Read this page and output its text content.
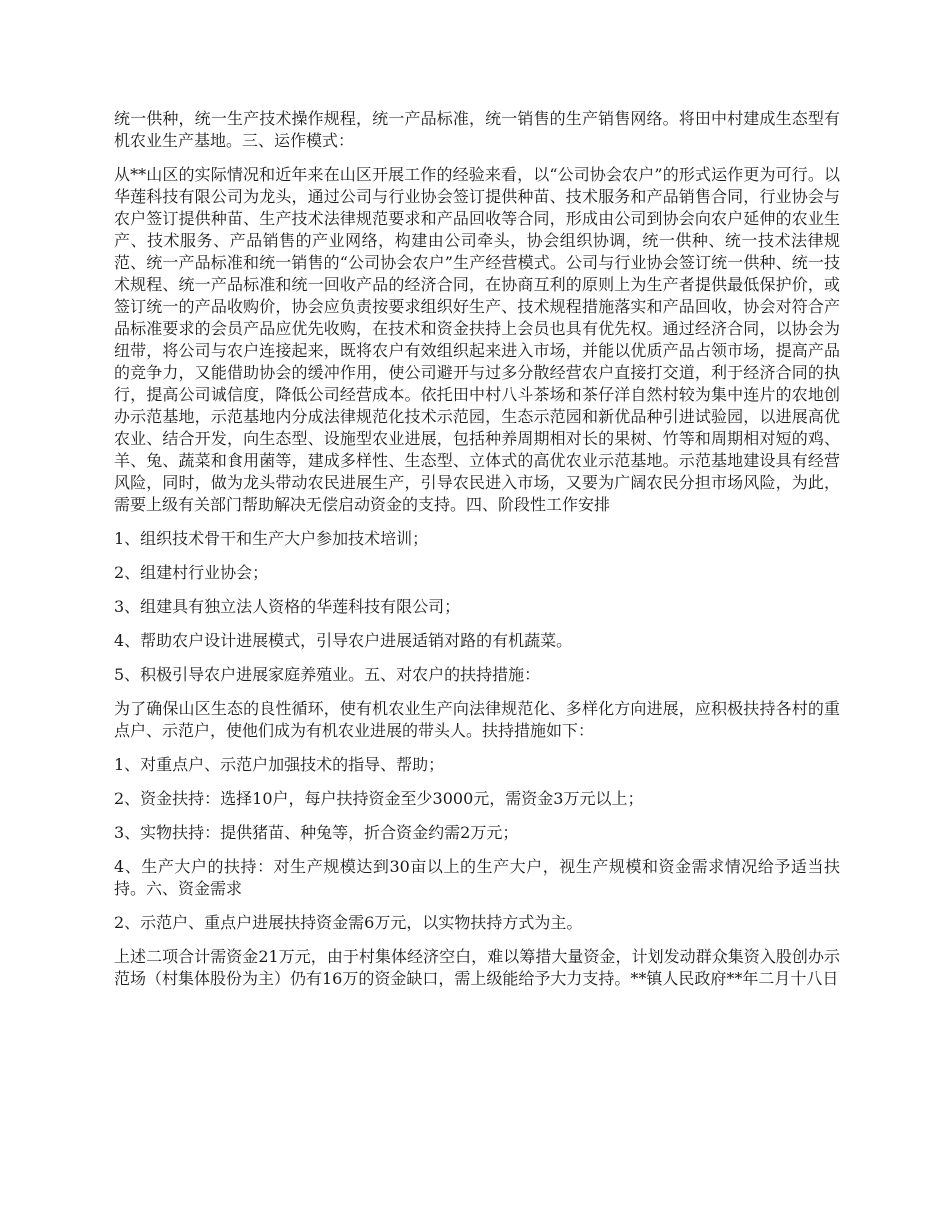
统一供种，统一生产技术操作规程，统一产品标准，统一销售的生产销售网络。将田中村建成生态型有机农业生产基地。三、运作模式：

从**山区的实际情况和近年来在山区开展工作的经验来看，以“公司协会农户”的形式运作更为可行。以华莲科技有限公司为龙头，通过公司与行业协会签订提供种苗、技术服务和产品销售合同，行业协会与农户签订提供种苗、生产技术法律规范要求和产品回收等合同，形成由公司到协会向农户延伸的农业生产、技术服务、产品销售的产业网络，构建由公司牵头，协会组织协调，统一供种、统一技术法律规范、统一产品标准和统一销售的“公司协会农户”生产经营模式。公司与行业协会签订统一供种、统一技术规程、统一产品标准和统一回收产品的经济合同，在协商互利的原则上为生产者提供最低保护价，或签订统一的产品收购价，协会应负责按要求组织好生产、技术规程措施落实和产品回收，协会对符合产品标准要求的会员产品应优先收购，在技术和资金扶持上会员也具有优先权。通过经济合同，以协会为纽带，将公司与农户连接起来，既将农户有效组织起来进入市场，并能以优质产品占领市场，提高产品的竞争力，又能借助协会的缓冲作用，使公司避开与过多分散经营农户直接打交道，利于经济合同的执行，提高公司诚信度，降低公司经营成本。依托田中村八斗茶场和茶仔洋自然村较为集中连片的农地创办示范基地，示范基地内分成法律规范化技术示范园，生态示范园和新优品种引进试验园，以进展高优农业、结合开发，向生态型、设施型农业进展，包括种养周期相对长的果树、竹等和周期相对短的鸡、羊、兔、蔬菜和食用菌等，建成多样性、生态型、立体式的高优农业示范基地。示范基地建设具有经营风险，同时，做为龙头带动农民进展生产，引导农民进入市场，又要为广阔农民分担市场风险，为此，需要上级有关部门帮助解决无偿启动资金的支持。四、阶段性工作安排

1、组织技术骨干和生产大户参加技术培训；

2、组建村行业协会；

3、组建具有独立法人资格的华莲科技有限公司；

4、帮助农户设计进展模式，引导农户进展适销对路的有机蔬菜。

5、积极引导农户进展家庭养殖业。五、对农户的扶持措施：

为了确保山区生态的良性循环，使有机农业生产向法律规范化、多样化方向进展，应积极扶持各村的重点户、示范户，使他们成为有机农业进展的带头人。扶持措施如下：

1、对重点户、示范户加强技术的指导、帮助；

2、资金扶持：选择10户，每户扶持资金至少3000元，需资金3万元以上；

3、实物扶持：提供猪苗、种兔等，折合资金约需2万元；

4、生产大户的扶持：对生产规模达到30亩以上的生产大户，视生产规模和资金需求情况给予适当扶持。六、资金需求

2、示范户、重点户进展扶持资金需6万元，以实物扶持方式为主。

上述二项合计需资金21万元，由于村集体经济空白，难以筹措大量资金，计划发动群众集资入股创办示范场（村集体股份为主）仍有16万的资金缺口，需上级能给予大力支持。**镇人民政府**年二月十八日
